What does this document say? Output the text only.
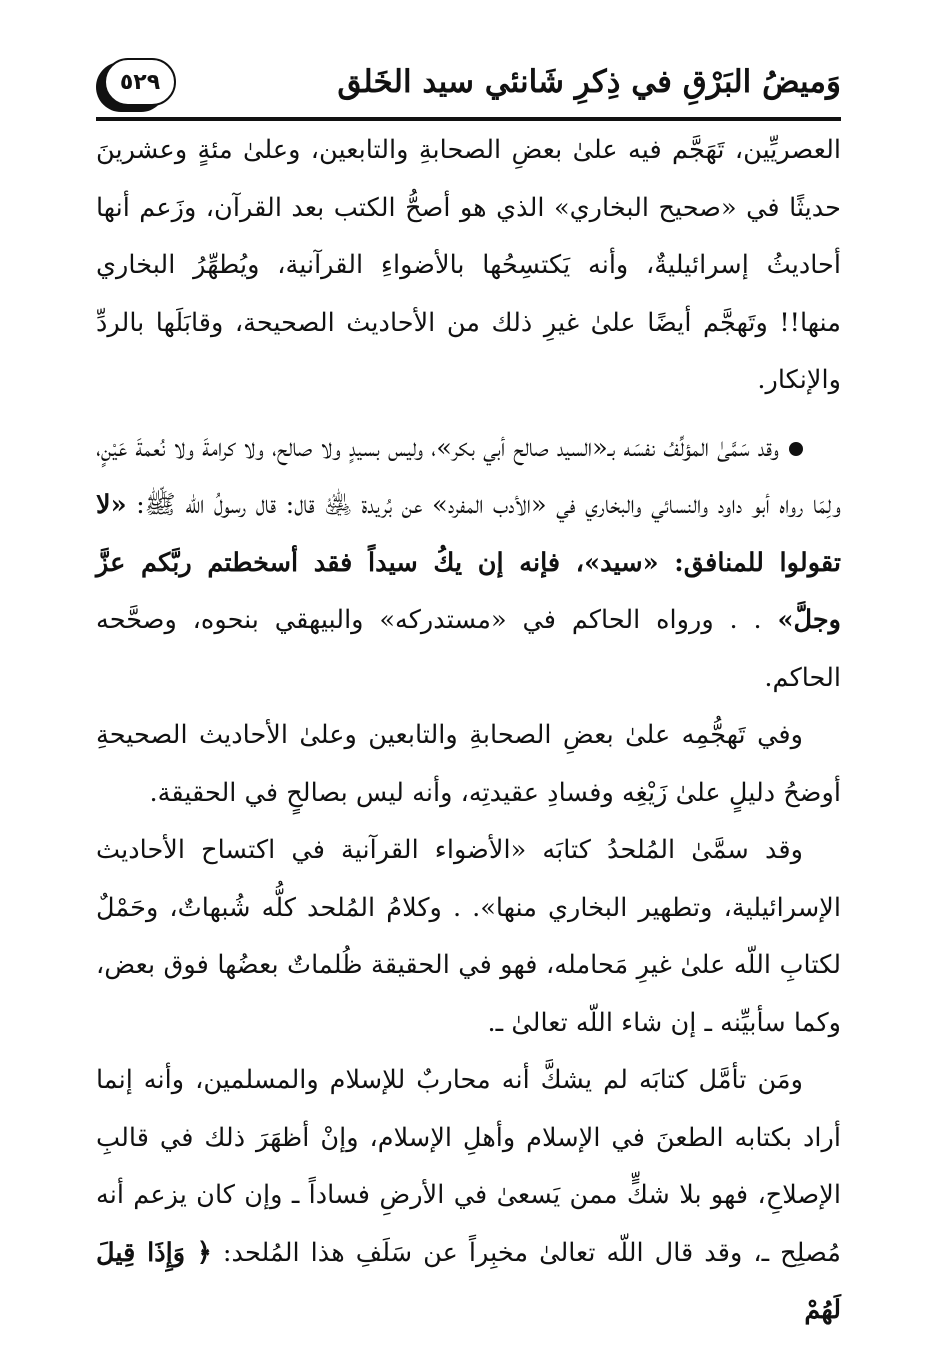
٥٢٩	وَميضُ البَرْقِ في ذِكرِ شَانئي سيد الخَلق

العصريِّين، تَهَجَّم فيه علىٰ بعضِ الصحابةِ والتابعين، وعلىٰ مئةٍ وعشرينَ حديثًا في «صحيح البخاري» الذي هو أصحُّ الكتب بعد القرآن، وزَعم أنها أحاديثُ إسرائيليةٌ، وأنه يَكتسِحُها بالأضواءِ القرآنية، ويُطهِّرُ البخاري منها!! وتَهجَّم أيضًا علىٰ غيرِ ذلك من الأحاديث الصحيحة، وقابَلَها بالردِّ والإنكار.

وقد سَمَّىٰ المؤلِّفُ نفسَه بـ«السيد صالح أبي بكر»، وليس بسيدٍ ولا صالح، ولا كرامةَ ولا نُعمةَ عَيْنٍ، ولِمَا رواه أبو داود والنسائي والبخاري في «الأدب المفرد» عن بُريدة ﵁ قال: قال رسولُ اللّه ﷺ: «لا تقولوا للمنافق: «سيد»، فإنه إن يكُ سيداً فقد أسخطتم ربَّكم عزَّ وجلَّ» . . ورواه الحاكم في «مستدركه» والبيهقي بنحوه، وصحَّحه الحاكم.

وفي تَهجُّمِه علىٰ بعضِ الصحابةِ والتابعين وعلىٰ الأحاديث الصحيحةِ أوضحُ دليلٍ علىٰ زَيْغِه وفسادِ عقيدتِه، وأنه ليس بصالحٍ في الحقيقة.

وقد سمَّىٰ المُلحدُ كتابَه «الأضواء القرآنية في اكتساح الأحاديث الإسرائيلية، وتطهير البخاري منها». . وكلامُ المُلحد كلُّه شُبهاتٌ، وحَمْلٌ لكتابِ اللّه علىٰ غيرِ مَحامله، فهو في الحقيقة ظُلماتٌ بعضُها فوق بعض، وكما سأبيِّنه ـ إن شاء اللّه تعالىٰ ـ.

ومَن تأمَّل كتابَه لم يشكَّ أنه محاربٌ للإسلام والمسلمين، وأنه إنما أراد بكتابه الطعنَ في الإسلام وأهلِ الإسلام، وإنْ أظهَرَ ذلك في قالبِ الإصلاحِ، فهو بلا شكٍّ ممن يَسعىٰ في الأرضِ فساداً ـ وإن كان يزعم أنه مُصلِح ـ، وقد قال اللّه تعالىٰ مخبِراً عن سَلَفِ هذا المُلحد: ﴿ وَإِذَا قِيلَ لَهُمْ
